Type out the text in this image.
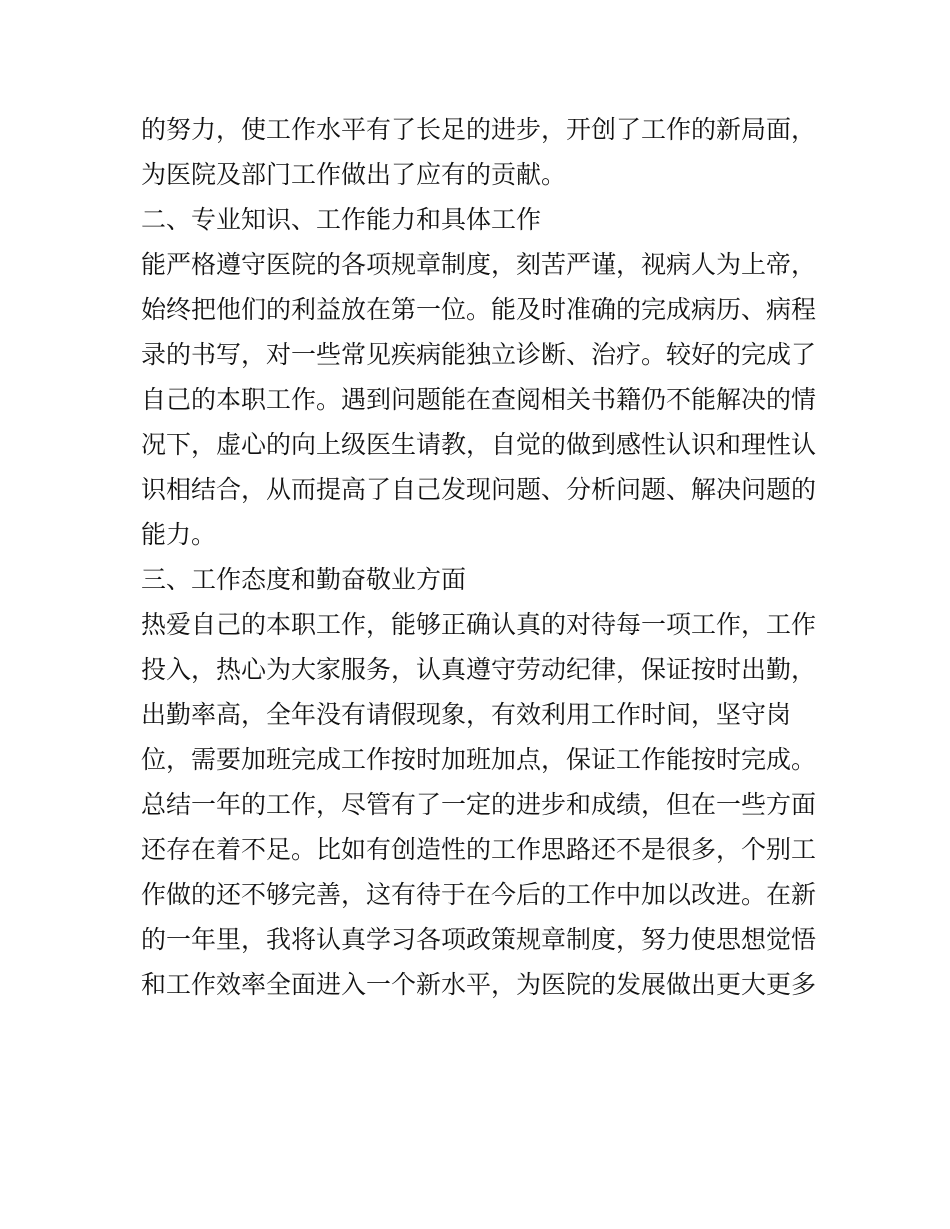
的努力，使工作水平有了长足的进步，开创了工作的新局面，
为医院及部门工作做出了应有的贡献。
二、专业知识、工作能力和具体工作
能严格遵守医院的各项规章制度，刻苦严谨，视病人为上帝，
始终把他们的利益放在第一位。能及时准确的完成病历、病程
录的书写，对一些常见疾病能独立诊断、治疗。较好的完成了
自己的本职工作。遇到问题能在查阅相关书籍仍不能解决的情
况下，虚心的向上级医生请教，自觉的做到感性认识和理性认
识相结合，从而提高了自己发现问题、分析问题、解决问题的
能力。
三、工作态度和勤奋敬业方面
热爱自己的本职工作，能够正确认真的对待每一项工作，工作
投入，热心为大家服务，认真遵守劳动纪律，保证按时出勤，
出勤率高，全年没有请假现象，有效利用工作时间，坚守岗
位，需要加班完成工作按时加班加点，保证工作能按时完成。
总结一年的工作，尽管有了一定的进步和成绩，但在一些方面
还存在着不足。比如有创造性的工作思路还不是很多，个别工
作做的还不够完善，这有待于在今后的工作中加以改进。在新
的一年里，我将认真学习各项政策规章制度，努力使思想觉悟
和工作效率全面进入一个新水平，为医院的发展做出更大更多
